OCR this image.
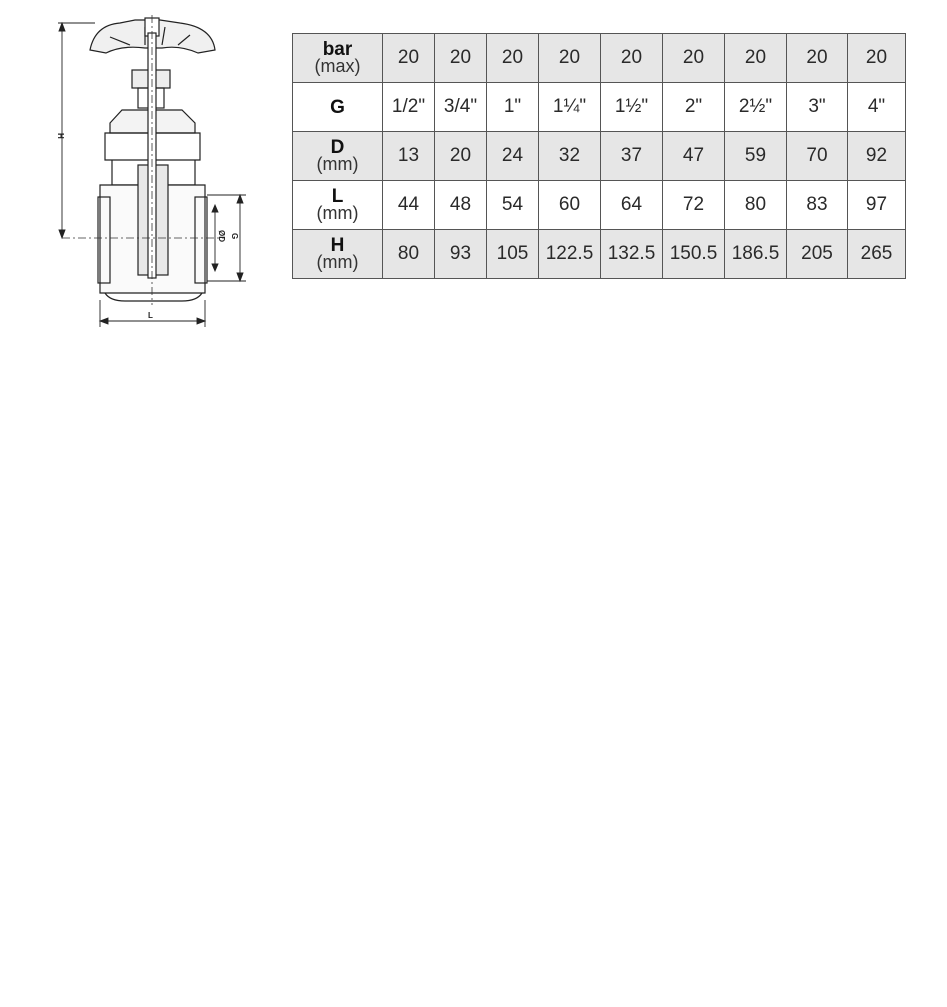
H
L
G
ØD
bar
(max)	20	20	20	20	20	20	20	20	20

G	1/2"	3/4"	1"	1¼"	1½"	2"	2½"	3"	4"

D
(mm)	13	20	24	32	37	47	59	70	92

L
(mm)	44	48	54	60	64	72	80	83	97

H
(mm)	80	93	105	122.5	132.5	150.5	186.5	205	265
